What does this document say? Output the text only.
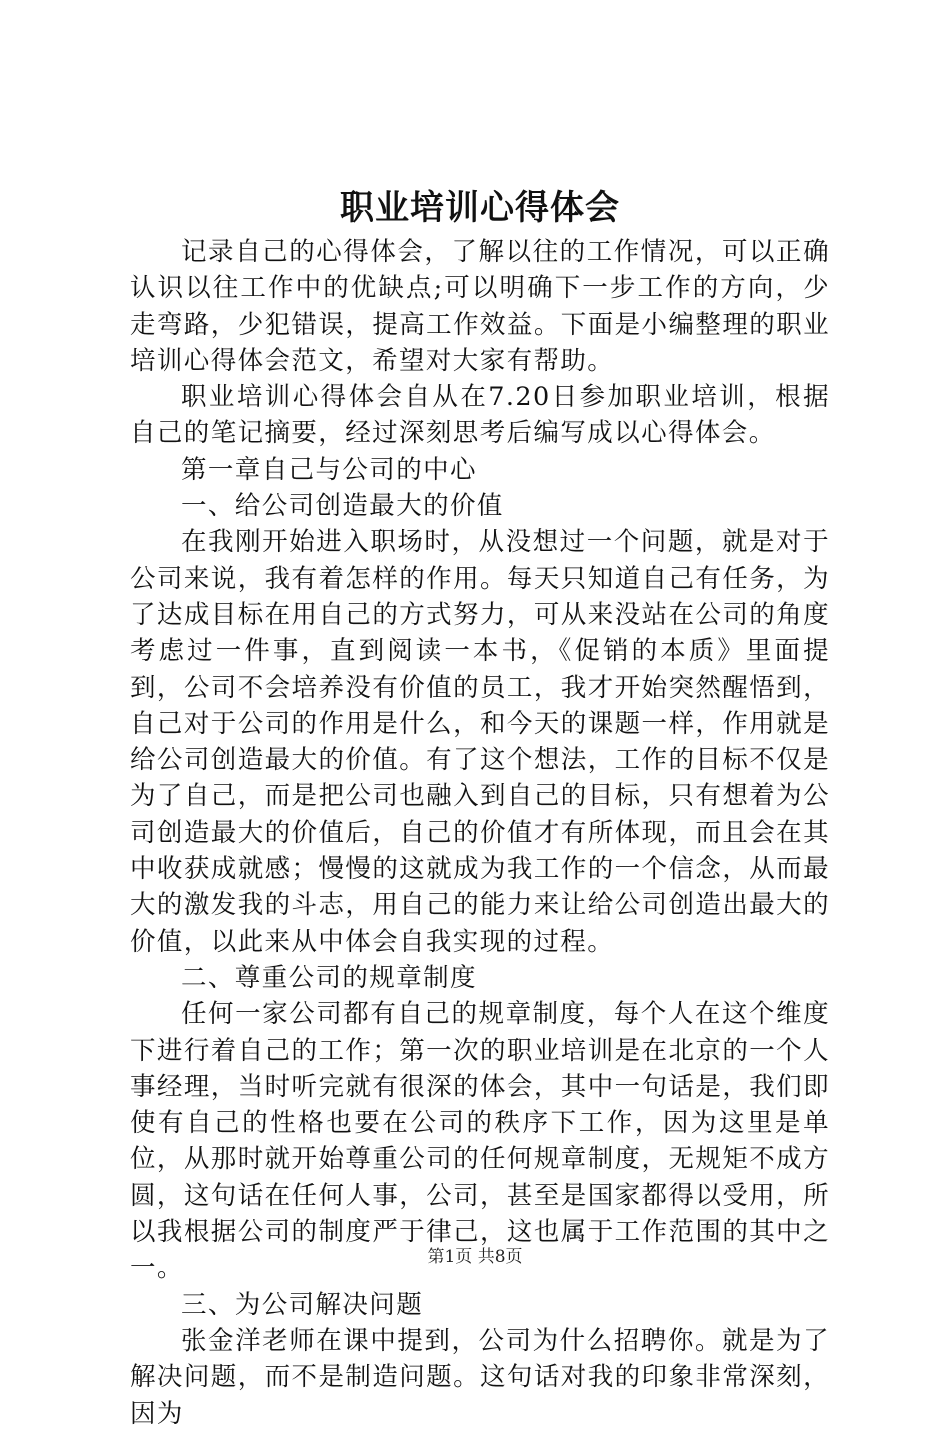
职业培训心得体会

记录自己的心得体会，了解以往的工作情况，可以正确认识以往工作中的优缺点;可以明确下一步工作的方向，少走弯路，少犯错误，提高工作效益。下面是小编整理的职业培训心得体会范文，希望对大家有帮助。

职业培训心得体会自从在7.20日参加职业培训，根据自己的笔记摘要，经过深刻思考后编写成以心得体会。

第一章自己与公司的中心

一、给公司创造最大的价值

在我刚开始进入职场时，从没想过一个问题，就是对于公司来说，我有着怎样的作用。每天只知道自己有任务，为了达成目标在用自己的方式努力，可从来没站在公司的角度考虑过一件事，直到阅读一本书，《促销的本质》里面提到，公司不会培养没有价值的员工，我才开始突然醒悟到，自己对于公司的作用是什么，和今天的课题一样，作用就是给公司创造最大的价值。有了这个想法，工作的目标不仅是为了自己，而是把公司也融入到自己的目标，只有想着为公司创造最大的价值后，自己的价值才有所体现，而且会在其中收获成就感；慢慢的这就成为我工作的一个信念，从而最大的激发我的斗志，用自己的能力来让给公司创造出最大的价值，以此来从中体会自我实现的过程。

二、尊重公司的规章制度

任何一家公司都有自己的规章制度，每个人在这个维度下进行着自己的工作；第一次的职业培训是在北京的一个人事经理，当时听完就有很深的体会，其中一句话是，我们即使有自己的性格也要在公司的秩序下工作，因为这里是单位，从那时就开始尊重公司的任何规章制度，无规矩不成方圆，这句话在任何人事，公司，甚至是国家都得以受用，所以我根据公司的制度严于律己，这也属于工作范围的其中之一。

三、为公司解决问题

张金洋老师在课中提到，公司为什么招聘你。就是为了解决问题，而不是制造问题。这句话对我的印象非常深刻，因为

第1页 共8页
